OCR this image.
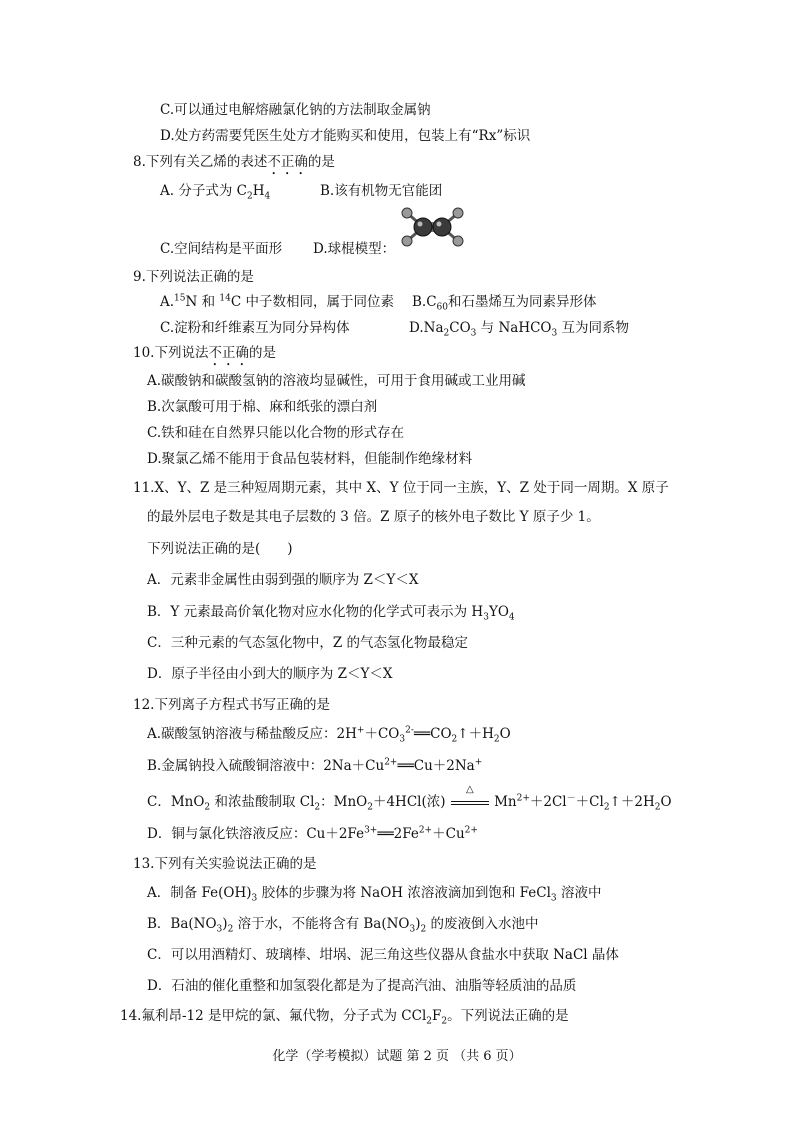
C.可以通过电解熔融氯化钠的方法制取金属钠
D.处方药需要凭医生处方才能购买和使用，包装上有“Rx”标识
8.下列有关乙烯的表述不正确的是
A. 分子式为 $C_2H_4$	B.该有机物无官能团
C.空间结构是平面形 D.球棍模型：
9.下列说法正确的是
A.$^{15}$N 和 $^{14}$C 中子数相同，属于同位素 $B.C_{60}$和石墨烯互为同素异形体
C.淀粉和纤维素互为同分异构体	$D.Na_2CO_3$ 与 NaHCO$_3$ 互为同系物
10.下列说法不正确的是
A.碳酸钠和碳酸氢钠的溶液均显碱性，可用于食用碱或工业用碱
B.次氯酸可用于棉、麻和纸张的漂白剂
C.铁和硅在自然界只能以化合物的形式存在
D.聚氯乙烯不能用于食品包装材料，但能制作绝缘材料
11.X、Y、Z 是三种短周期元素，其中 X、Y 位于同一主族，Y、Z 处于同一周期。X 原子
的最外层电子数是其电子层数的 3 倍。Z 原子的核外电子数比 Y 原子少 1。
下列说法正确的是(　　)
A．元素非金属性由弱到强的顺序为 Z＜Y＜X
B．Y 元素最高价氧化物对应水化物的化学式可表示为 $H_3YO_4$
C．三种元素的气态氢化物中，Z 的气态氢化物最稳定
D．原子半径由小到大的顺序为 Z＜Y＜X
12.下列离子方程式书写正确的是
A.碳酸氢钠溶液与稀盐酸反应：$2H^++CO_3^{2-}══CO_2↑+H_2O$
B.金属钠投入硫酸铜溶液中：$2Na+Cu^{2+}══Cu+2Na^+$
C．MnO$_2$ 和浓盐酸制取 $Cl_2$：MnO$_2$＋4HCl(浓)
△
$Mn^{2+}+2Cl^-+Cl_2↑+2H_2O$
D．铜与氯化铁溶液反应：$Cu+2Fe^{3+}══2Fe^{2+}+Cu^{2+}$
13.下列有关实验说法正确的是
A．制备 $Fe(OH)_3$ 胶体的步骤为将 NaOH 浓溶液滴加到饱和 FeCl$_3$ 溶液中
B．$Ba(NO_3)_2$ 溶于水，不能将含有 $Ba(NO_3)_2$ 的废液倒入水池中
C．可以用酒精灯、玻璃棒、坩埚、泥三角这些仪器从食盐水中获取 NaCl 晶体
D．石油的催化重整和加氢裂化都是为了提高汽油、油脂等轻质油的品质
14.氟利昂-12 是甲烷的氯、氟代物，分子式为 $CCl_2F_2$。下列说法正确的是
化学（学考模拟）试题 第 2 页 （共 6 页）
